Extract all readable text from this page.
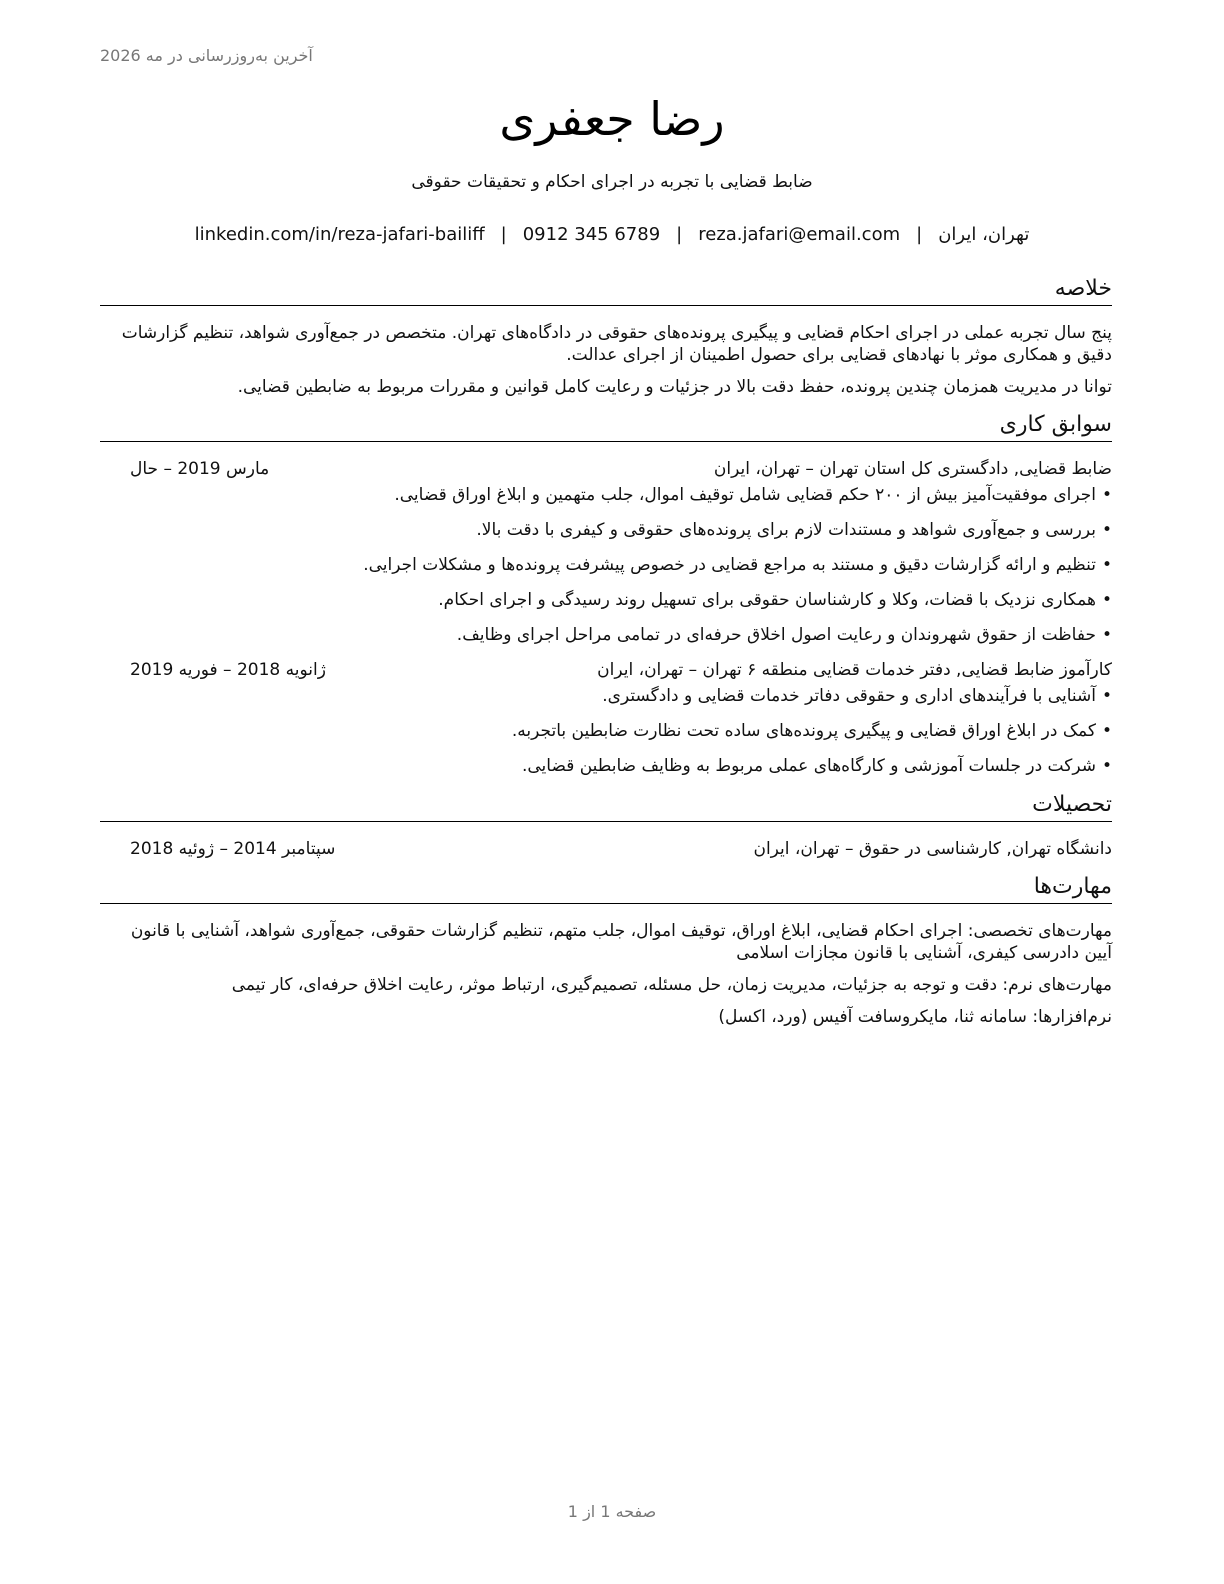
آخرین به‌روزرسانی در مه 2026
رضا جعفری
ضابط قضایی با تجربه در اجرای احکام و تحقیقات حقوقی
تهران، ایران|reza.jafari@email.com|0912 345 6789|linkedin.com/in/reza-jafari-bailiff
خلاصه
پنج سال تجربه عملی در اجرای احکام قضایی و پیگیری پرونده‌های حقوقی در دادگاه‌های تهران. متخصص در جمع‌آوری شواهد، تنظیم گزارشات دقیق و همکاری موثر با نهادهای قضایی برای حصول اطمینان از اجرای عدالت.
توانا در مدیریت همزمان چندین پرونده، حفظ دقت بالا در جزئیات و رعایت کامل قوانین و مقررات مربوط به ضابطین قضایی.
سوابق کاری
ضابط قضایی, دادگستری کل استان تهران – تهران، ایران
مارس 2019 – حال
•اجرای موفقیت‌آمیز بیش از ۲۰۰ حکم قضایی شامل توقیف اموال، جلب متهمین و ابلاغ اوراق قضایی.
•بررسی و جمع‌آوری شواهد و مستندات لازم برای پرونده‌های حقوقی و کیفری با دقت بالا.
•تنظیم و ارائه گزارشات دقیق و مستند به مراجع قضایی در خصوص پیشرفت پرونده‌ها و مشکلات اجرایی.
•همکاری نزدیک با قضات، وکلا و کارشناسان حقوقی برای تسهیل روند رسیدگی و اجرای احکام.
•حفاظت از حقوق شهروندان و رعایت اصول اخلاق حرفه‌ای در تمامی مراحل اجرای وظایف.
کارآموز ضابط قضایی, دفتر خدمات قضایی منطقه ۶ تهران – تهران، ایران
ژانویه 2018 – فوریه 2019
•آشنایی با فرآیندهای اداری و حقوقی دفاتر خدمات قضایی و دادگستری.
•کمک در ابلاغ اوراق قضایی و پیگیری پرونده‌های ساده تحت نظارت ضابطین باتجربه.
•شرکت در جلسات آموزشی و کارگاه‌های عملی مربوط به وظایف ضابطین قضایی.
تحصیلات
دانشگاه تهران, کارشناسی در حقوق – تهران، ایران
سپتامبر 2014 – ژوئیه 2018
مهارت‌ها
مهارت‌های تخصصی: اجرای احکام قضایی، ابلاغ اوراق، توقیف اموال، جلب متهم، تنظیم گزارشات حقوقی، جمع‌آوری شواهد، آشنایی با قانون آیین دادرسی کیفری، آشنایی با قانون مجازات اسلامی
مهارت‌های نرم: دقت و توجه به جزئیات، مدیریت زمان، حل مسئله، تصمیم‌گیری، ارتباط موثر، رعایت اخلاق حرفه‌ای، کار تیمی
نرم‌افزارها: سامانه ثنا، مایکروسافت آفیس (ورد، اکسل)
صفحه 1 از 1
